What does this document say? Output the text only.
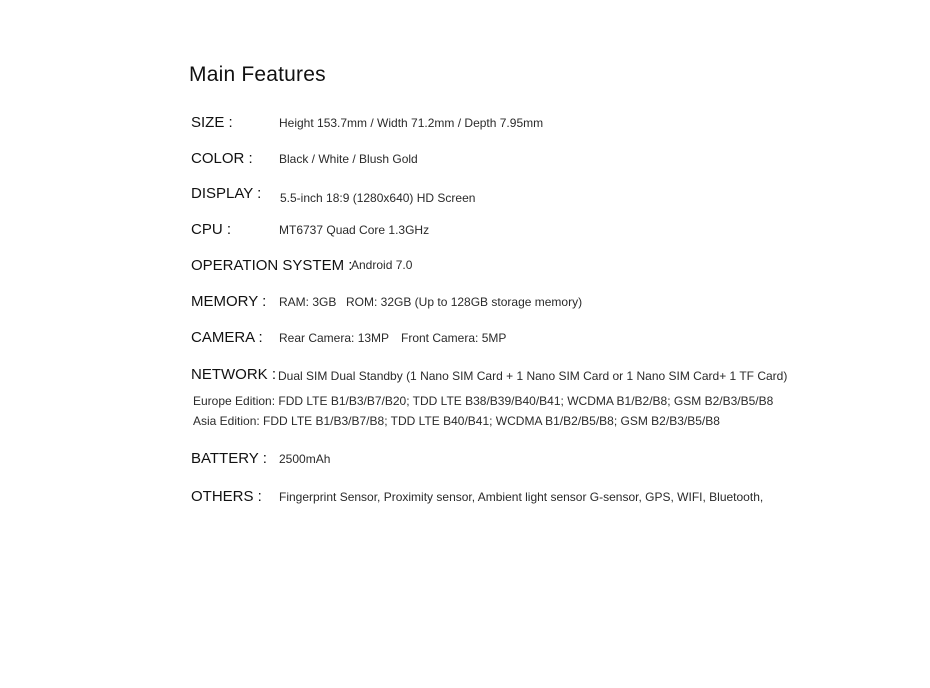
Main Features
SIZE :	Height 153.7mm / Width 71.2mm / Depth 7.95mm
COLOR : Black / White / Blush Gold
DISPLAY : 5.5-inch 18:9 (1280x640) HD Screen
CPU :	MT6737 Quad Core 1.3GHz
OPERATION SYSTEM :
Android 7.0
MEMORY : RAM: 3GB ROM: 32GB (Up to 128GB storage memory)
CAMERA : Rear Camera: 13MP Front Camera: 5MP
NETWORK : Dual SIM Dual Standby (1 Nano SIM Card + 1 Nano SIM Card or 1 Nano SIM Card+ 1 TF Card)
Europe Edition: FDD LTE B1/B3/B7/B20; TDD LTE B38/B39/B40/B41; WCDMA B1/B2/B8; GSM B2/B3/B5/B8
Asia Edition: FDD LTE B1/B3/B7/B8; TDD LTE B40/B41; WCDMA B1/B2/B5/B8; GSM B2/B3/B5/B8
BATTERY : 2500mAh
OTHERS : Fingerprint Sensor, Proximity sensor, Ambient light sensor G-sensor, GPS, WIFI, Bluetooth,
